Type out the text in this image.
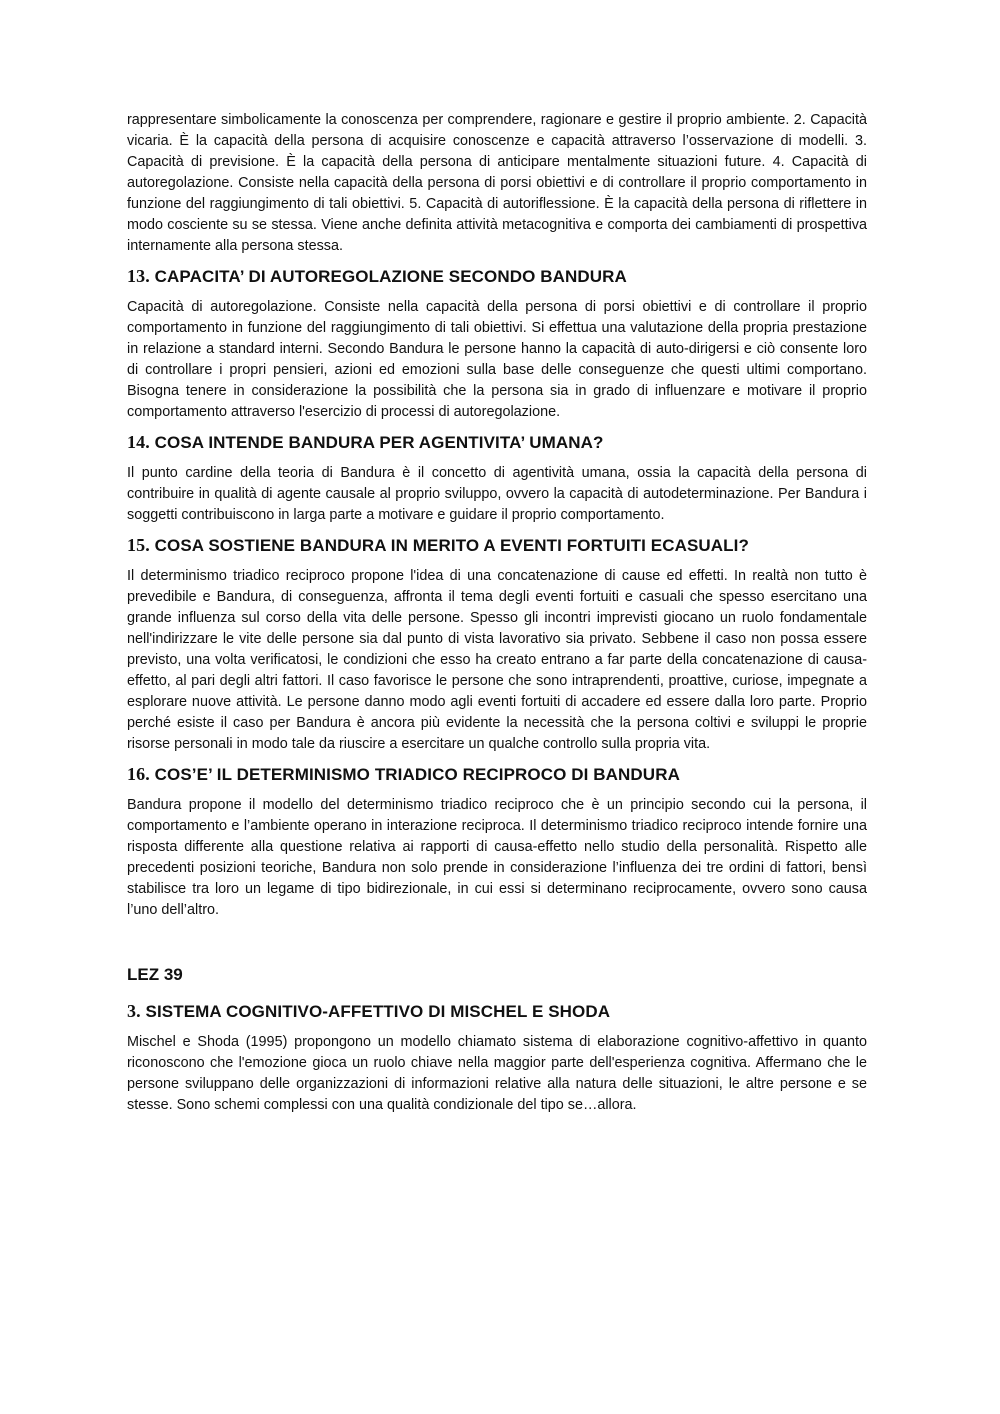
rappresentare simbolicamente la conoscenza per comprendere, ragionare e gestire il proprio ambiente. 2. Capacità vicaria. È la capacità della persona di acquisire conoscenze e capacità attraverso l’osservazione di modelli. 3. Capacità di previsione. È la capacità della persona di anticipare mentalmente situazioni future. 4. Capacità di autoregolazione. Consiste nella capacità della persona di porsi obiettivi e di controllare il proprio comportamento in funzione del raggiungimento di tali obiettivi. 5. Capacità di autoriflessione. È la capacità della persona di riflettere in modo cosciente su se stessa. Viene anche definita attività metacognitiva e comporta dei cambiamenti di prospettiva internamente alla persona stessa.

13. CAPACITA’ DI AUTOREGOLAZIONE SECONDO BANDURA

Capacità di autoregolazione. Consiste nella capacità della persona di porsi obiettivi e di controllare il proprio comportamento in funzione del raggiungimento di tali obiettivi. Si effettua una valutazione della propria prestazione in relazione a standard interni. Secondo Bandura le persone hanno la capacità di auto-dirigersi e ciò consente loro di controllare i propri pensieri, azioni ed emozioni sulla base delle conseguenze che questi ultimi comportano. Bisogna tenere in considerazione la possibilità che la persona sia in grado di influenzare e motivare il proprio comportamento attraverso l'esercizio di processi di autoregolazione.

14. COSA INTENDE BANDURA PER AGENTIVITA’ UMANA?

Il punto cardine della teoria di Bandura è il concetto di agentività umana, ossia la capacità della persona di contribuire in qualità di agente causale al proprio sviluppo, ovvero la capacità di autodeterminazione. Per Bandura i soggetti contribuiscono in larga parte a motivare e guidare il proprio comportamento.

15. COSA SOSTIENE BANDURA IN MERITO A EVENTI FORTUITI ECASUALI?

Il determinismo triadico reciproco propone l'idea di una concatenazione di cause ed effetti. In realtà non tutto è prevedibile e Bandura, di conseguenza, affronta il tema degli eventi fortuiti e casuali che spesso esercitano una grande influenza sul corso della vita delle persone. Spesso gli incontri imprevisti giocano un ruolo fondamentale nell'indirizzare le vite delle persone sia dal punto di vista lavorativo sia privato. Sebbene il caso non possa essere previsto, una volta verificatosi, le condizioni che esso ha creato entrano a far parte della concatenazione di causa-effetto, al pari degli altri fattori. Il caso favorisce le persone che sono intraprendenti, proattive, curiose, impegnate a esplorare nuove attività. Le persone danno modo agli eventi fortuiti di accadere ed essere dalla loro parte. Proprio perché esiste il caso per Bandura è ancora più evidente la necessità che la persona coltivi e sviluppi le proprie risorse personali in modo tale da riuscire a esercitare un qualche controllo sulla propria vita.

16. COS’E’ IL DETERMINISMO TRIADICO RECIPROCO DI BANDURA

Bandura propone il modello del determinismo triadico reciproco che è un principio secondo cui la persona, il comportamento e l’ambiente operano in interazione reciproca. Il determinismo triadico reciproco intende fornire una risposta differente alla questione relativa ai rapporti di causa-effetto nello studio della personalità. Rispetto alle precedenti posizioni teoriche, Bandura non solo prende in considerazione l’influenza dei tre ordini di fattori, bensì stabilisce tra loro un legame di tipo bidirezionale, in cui essi si determinano reciprocamente, ovvero sono causa l’uno dell’altro.

LEZ 39
3. SISTEMA COGNITIVO-AFFETTIVO DI MISCHEL E SHODA

Mischel e Shoda (1995) propongono un modello chiamato sistema di elaborazione cognitivo-affettivo in quanto riconoscono che l'emozione gioca un ruolo chiave nella maggior parte dell'esperienza cognitiva. Affermano che le persone sviluppano delle organizzazioni di informazioni relative alla natura delle situazioni, le altre persone e se stesse. Sono schemi complessi con una qualità condizionale del tipo se…allora.
